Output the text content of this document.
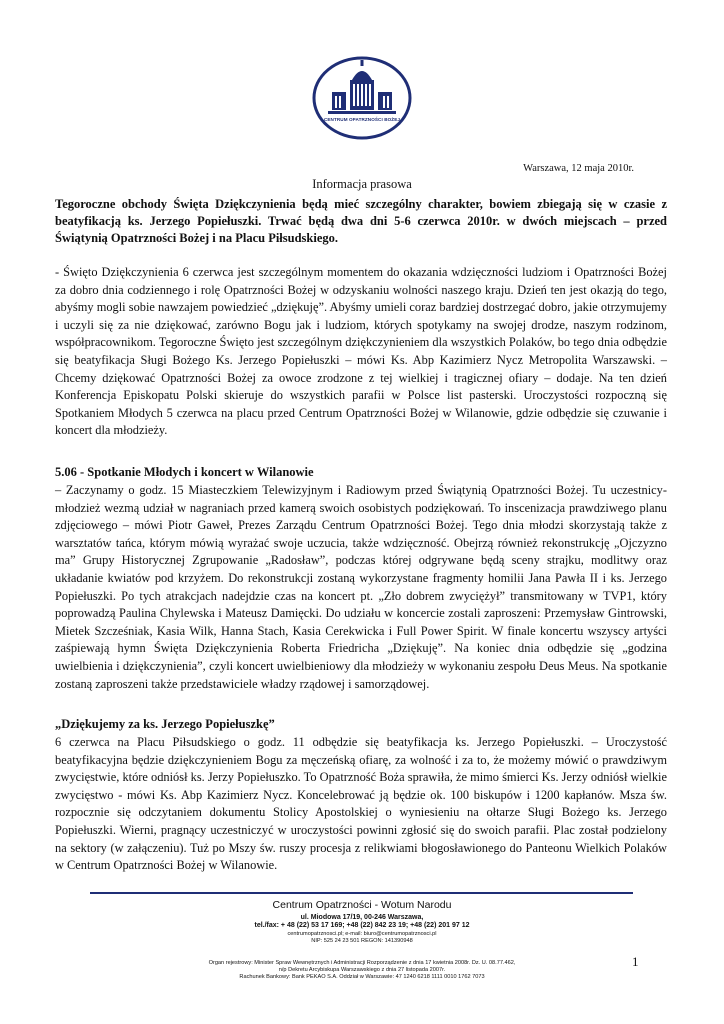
CENTRUM OPATRZNOŚCI BOŻEJ
Warszawa, 12 maja 2010r.
Informacja prasowa

Tegoroczne obchody Święta Dziękczynienia będą mieć szczególny charakter, bowiem zbiegają się w czasie z beatyfikacją ks. Jerzego Popiełuszki. Trwać będą dwa dni 5-6 czerwca 2010r. w dwóch miejscach – przed Świątynią Opatrzności Bożej i na Placu Piłsudskiego.

- Święto Dziękczynienia 6 czerwca jest szczególnym momentem do okazania wdzięczności ludziom i Opatrzności Bożej za dobro dnia codziennego i rolę Opatrzności Bożej w odzyskaniu wolności naszego kraju. Dzień ten jest okazją do tego, abyśmy mogli sobie nawzajem powiedzieć „dziękuję”. Abyśmy umieli coraz bardziej dostrzegać dobro, jakie otrzymujemy i uczyli się za nie dziękować, zarówno Bogu jak i ludziom, których spotykamy na swojej drodze, naszym rodzinom, współpracownikom. Tegoroczne Święto jest szczególnym dziękczynieniem dla wszystkich Polaków, bo tego dnia odbędzie się beatyfikacja Sługi Bożego Ks. Jerzego Popiełuszki – mówi Ks. Abp Kazimierz Nycz Metropolita Warszawski. – Chcemy dziękować Opatrzności Bożej za owoce zrodzone z tej wielkiej i tragicznej ofiary – dodaje. Na ten dzień Konferencja Episkopatu Polski skieruje do wszystkich parafii w Polsce list pasterski. Uroczystości rozpoczną się Spotkaniem Młodych 5 czerwca na placu przed Centrum Opatrzności Bożej w Wilanowie, gdzie odbędzie się czuwanie i koncert dla młodzieży.

5.06 - Spotkanie Młodych i koncert w Wilanowie

– Zaczynamy o godz. 15 Miasteczkiem Telewizyjnym i Radiowym przed Świątynią Opatrzności Bożej. Tu uczestnicy-młodzież wezmą udział w nagraniach przed kamerą swoich osobistych podziękowań. To inscenizacja prawdziwego planu zdjęciowego – mówi Piotr Gaweł, Prezes Zarządu Centrum Opatrzności Bożej. Tego dnia młodzi skorzystają także z warsztatów tańca, którym mówią wyrażać swoje uczucia, także wdzięczność. Obejrzą również rekonstrukcję „Ojczyzno ma” Grupy Historycznej Zgrupowanie „Radosław”, podczas której odgrywane będą sceny strajku, modlitwy oraz układanie kwiatów pod krzyżem. Do rekonstrukcji zostaną wykorzystane fragmenty homilii Jana Pawła II i ks. Jerzego Popiełuszki. Po tych atrakcjach nadejdzie czas na koncert pt. „Zło dobrem zwyciężył” transmitowany w TVP1, który poprowadzą Paulina Chylewska i Mateusz Damięcki. Do udziału w koncercie zostali zaproszeni: Przemysław Gintrowski, Mietek Szcześniak, Kasia Wilk, Hanna Stach, Kasia Cerekwicka i Full Power Spirit. W finale koncertu wszyscy artyści zaśpiewają hymn Święta Dziękczynienia Roberta Friedricha „Dziękuję”. Na koniec dnia odbędzie się „godzina uwielbienia i dziękczynienia”, czyli koncert uwielbieniowy dla młodzieży w wykonaniu zespołu Deus Meus. Na spotkanie zostaną zaproszeni także przedstawiciele władzy rządowej i samorządowej.

„Dziękujemy za ks. Jerzego Popiełuszkę”

6 czerwca na Placu Piłsudskiego o godz. 11 odbędzie się beatyfikacja ks. Jerzego Popiełuszki. – Uroczystość beatyfikacyjna będzie dziękczynieniem Bogu za męczeńską ofiarę, za wolność i za to, że możemy mówić o prawdziwym zwycięstwie, które odniósł ks. Jerzy Popiełuszko. To Opatrzność Boża sprawiła, że mimo śmierci Ks. Jerzy odniósł wielkie zwycięstwo - mówi Ks. Abp Kazimierz Nycz. Koncelebrować ją będzie ok. 100 biskupów i 1200 kapłanów. Msza św. rozpocznie się odczytaniem dokumentu Stolicy Apostolskiej o wyniesieniu na ołtarze Sługi Bożego ks. Jerzego Popiełuszki. Wierni, pragnący uczestniczyć w uroczystości powinni zgłosić się do swoich parafii. Plac został podzielony na sektory (w załączeniu). Tuż po Mszy św. ruszy procesja z relikwiami błogosławionego do Panteonu Wielkich Polaków w Centrum Opatrzności Bożej w Wilanowie.

Centrum Opatrzności - Wotum Narodu
ul. Miodowa 17/19, 00-246 Warszawa,
tel./fax: + 48 (22) 53 17 169; +48 (22) 842 23 19; +48 (22) 201 97 12
centrumopatrznosci.pl; e-mail: biuro@centrumopatrznosci.pl
NIP: 525 24 23 501 REGON: 141390948
Organ rejestrowy: Minister Spraw Wewnętrznych i Administracji Rozporządzenie z dnia 17 kwietnia 2008r. Dz. U. 08.77.462,
n/p Dekretu Arcybiskupa Warszawskiego z dnia 27 listopada 2007r.
Rachunek Bankowy: Bank PEKAO S.A. Oddział w Warszawie: 47 1240 6218 1111 0010 1762 7073
1
